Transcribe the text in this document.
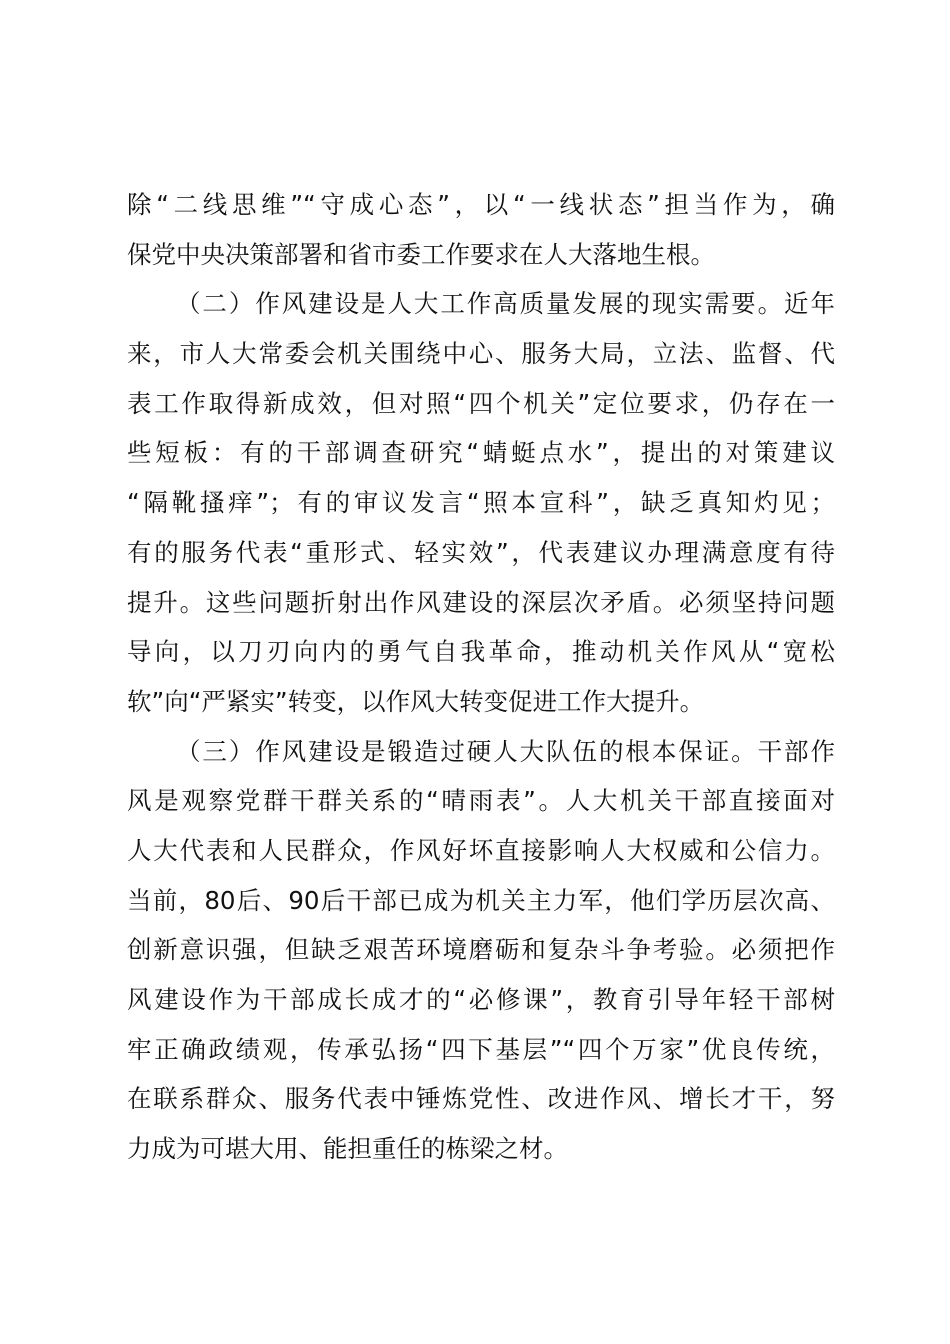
除“二线思维”“守成心态”，以“一线状态”担当作为，确
保党中央决策部署和省市委工作要求在人大落地生根。
（二）作风建设是人大工作高质量发展的现实需要。近年
来，市人大常委会机关围绕中心、服务大局，立法、监督、代
表工作取得新成效，但对照“四个机关”定位要求，仍存在一
些短板：有的干部调查研究“蜻蜓点水”，提出的对策建议
“隔靴搔痒”；有的审议发言“照本宣科”，缺乏真知灼见；
有的服务代表“重形式、轻实效”，代表建议办理满意度有待
提升。这些问题折射出作风建设的深层次矛盾。必须坚持问题
导向，以刀刃向内的勇气自我革命，推动机关作风从“宽松
软”向“严紧实”转变，以作风大转变促进工作大提升。
（三）作风建设是锻造过硬人大队伍的根本保证。干部作
风是观察党群干群关系的“晴雨表”。人大机关干部直接面对
人大代表和人民群众，作风好坏直接影响人大权威和公信力。
当前，80后、90后干部已成为机关主力军，他们学历层次高、
创新意识强，但缺乏艰苦环境磨砺和复杂斗争考验。必须把作
风建设作为干部成长成才的“必修课”，教育引导年轻干部树
牢正确政绩观，传承弘扬“四下基层”“四个万家”优良传统，
在联系群众、服务代表中锤炼党性、改进作风、增长才干，努
力成为可堪大用、能担重任的栋梁之材。
